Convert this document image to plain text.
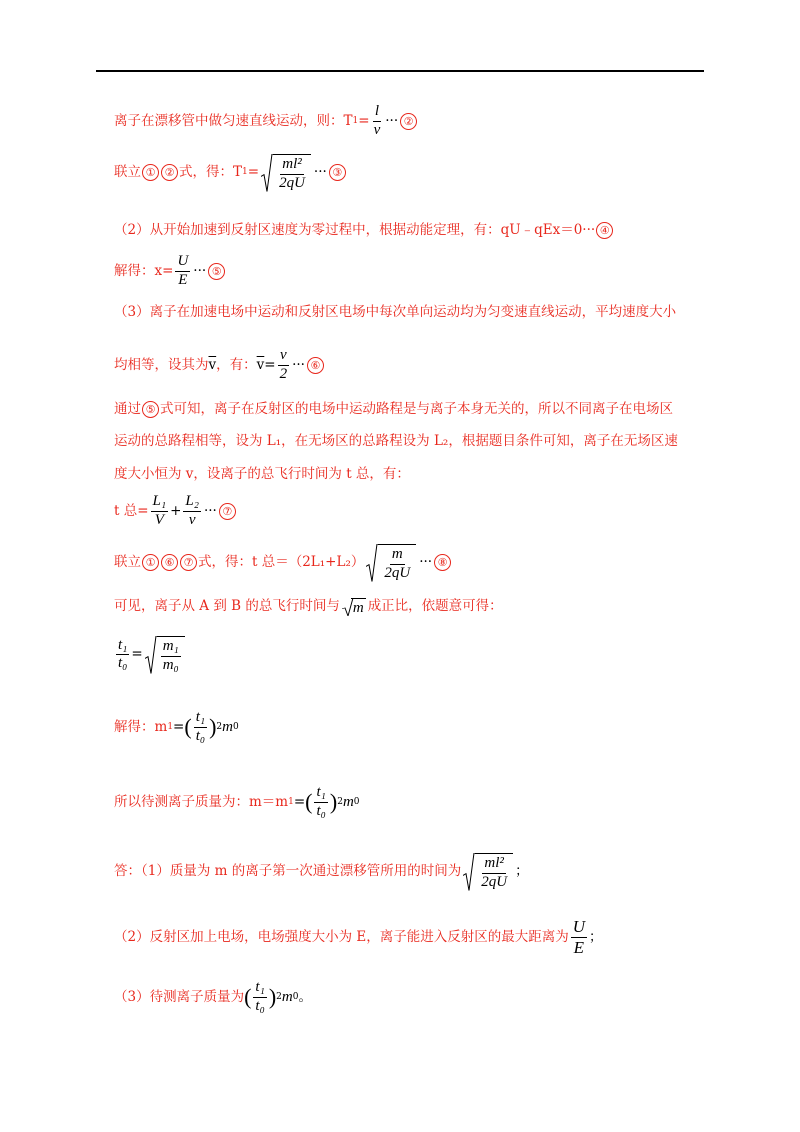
离子在漂移管中做匀速直线运动，则：T $1 = \frac{l}{v}$ ··· ②
联立 ① ② 式，得：T $1 = \frac{\text{ml²}}{2qU}$ ··· ③
（2）从开始加速到反射区速度为零过程中，根据动能定理，有：qU﹣qEx＝0··· ④
解得：$x= \frac{U}{E}$ ··· ⑤
（3）离子在加速电场中运动和反射区电场中每次单向运动均为匀变速直线运动，平均速度大小
均相等，设其为 $\overline{v}$ ，有： $\overline{v} = \frac{v}{2}$ ··· ⑥
通过 ⑤ 式可知，离子在反射区的电场中运动路程是与离子本身无关的，所以不同离子在电场区
运动的总路程相等，设为 L₁，在无场区的总路程设为 L₂，根据题目条件可知，离子在无场区速
度大小恒为 v，设离子的总飞行时间为 t 总，有：
t 总= $\frac{\text{L₁}}{V} + \frac{\text{L₂}}{v}$ ··· ⑦
联立 ① ⑥ ⑦ 式，得：t 总$=(2L_1+L_2) \frac{m}{2qU}$ ··· ⑧
可见，离子从 A 到 B 的总飞行时间与 m 成正比，依题意可得：
$\frac{\text{t₁}}{\text{t₀}} = \frac{\text{m₁}}{\text{m₀}}$
解得：m 1 = ( $\frac{\text{t₁}}{\text{t₀}}$ ) 2 m 0
所以待测离子质量为：m＝m 1 = ( $\frac{\text{t₁}}{\text{t₀}}$ ) 2 m 0
答：（1）质量为 m 的离子第一次通过漂移管所用的时间为 $\frac{\text{ml²}}{2qU}$ ；
（2）反射区加上电场，电场强度大小为 E，离子能进入反射区的最大距离为 $\frac{U}{E}$ ；
（3）待测离子质量为 ( $\frac{\text{t₁}}{\text{t₀}}$ ) 2 m 0 。
